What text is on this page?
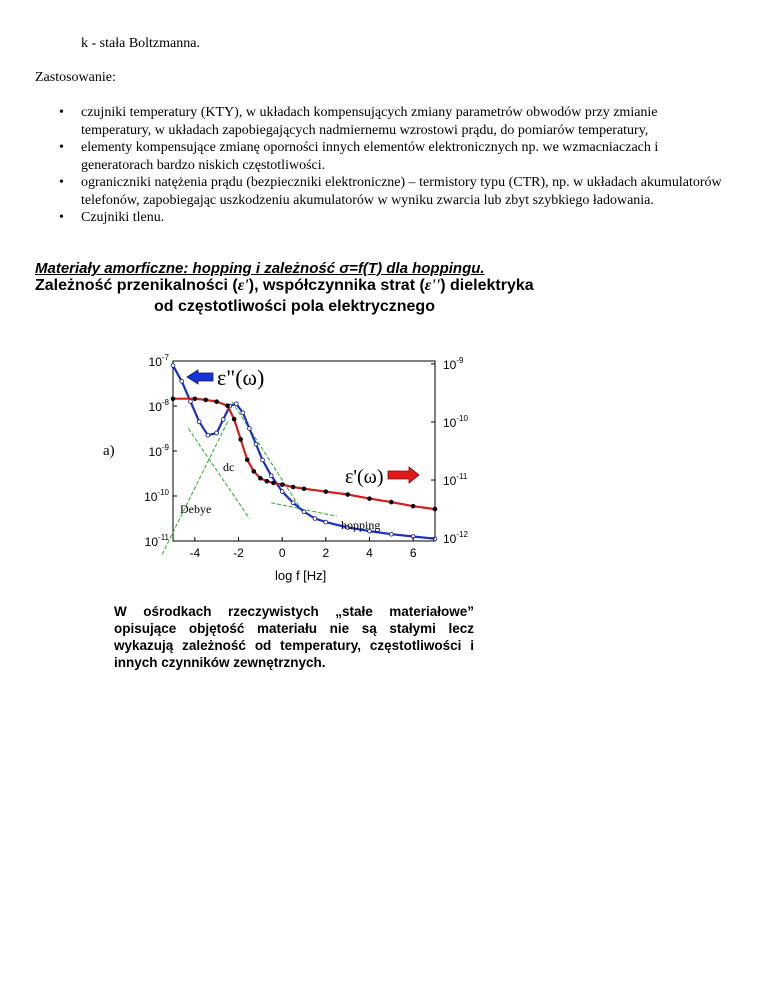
k - stała Boltzmanna.
Zastosowanie:
• czujniki temperatury (KTY), w układach kompensujących zmiany parametrów obwodów przy zmianie temperatury, w układach zapobiegających nadmiernemu wzrostowi prądu, do pomiarów temperatury,
• elementy kompensujące zmianę oporności innych elementów elektronicznych np. we wzmacniaczach i generatorach bardzo niskich częstotliwości.
• ograniczniki natężenia prądu (bezpieczniki elektroniczne) – termistory typu (CTR), np. w układach akumulatorów telefonów, zapobiegając uszkodzeniu akumulatorów w wyniku zwarcia lub zbyt szybkiego ładowania.
• Czujniki tlenu.
Materiały amorficzne: hopping i zależność σ=f(T) dla hoppingu.
Zależność przenikalności (ε'), współczynnika strat (ε'') dielektryka
od częstotliwości pola elektrycznego
a)
-4	-2	0	2	4	6
$10^{-7}$
$10^{-8}$
$10^{-9}$
$10^{-10}$
$10^{-11}$
$10^{-9}$
$10^{-10}$
$10^{-11}$
$10^{-12}$
log f [Hz]
ε"(ω)
ε'(ω)
Debye
dc
hopping
W ośrodkach rzeczywistych „stałe materiałowe” opisujące objętość materiału nie są stałymi lecz wykazują zależność od temperatury, częstotliwości i innych czynników zewnętrznych.
